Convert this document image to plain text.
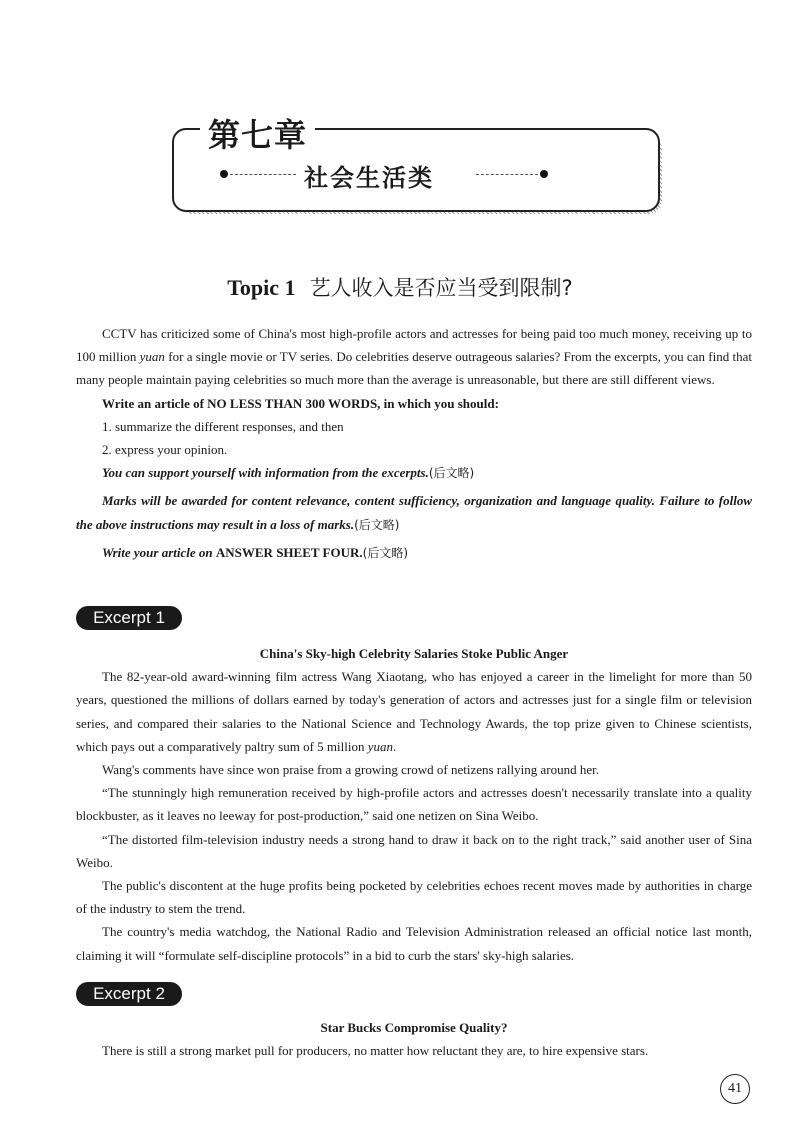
第七章
社会生活类
Topic 1 艺人收入是否应当受到限制?

CCTV has criticized some of China's most high-profile actors and actresses for being paid too much money, receiving up to 100 million yuan for a single movie or TV series. Do celebrities deserve outrageous salaries? From the excerpts, you can find that many people maintain paying celebrities so much more than the average is unreasonable, but there are still different views.

Write an article of NO LESS THAN 300 WORDS, in which you should:

1. summarize the different responses, and then

2. express your opinion.

You can support yourself with information from the excerpts.(后文略)

Marks will be awarded for content relevance, content sufficiency, organization and language quality. Failure to follow the above instructions may result in a loss of marks.(后文略)

Write your article on ANSWER SHEET FOUR.(后文略)

Excerpt 1

China's Sky-high Celebrity Salaries Stoke Public Anger

The 82-year-old award-winning film actress Wang Xiaotang, who has enjoyed a career in the limelight for more than 50 years, questioned the millions of dollars earned by today's generation of actors and actresses just for a single film or television series, and compared their salaries to the National Science and Technology Awards, the top prize given to Chinese scientists, which pays out a comparatively paltry sum of 5 million yuan.

Wang's comments have since won praise from a growing crowd of netizens rallying around her.

“The stunningly high remuneration received by high-profile actors and actresses doesn't necessarily translate into a quality blockbuster, as it leaves no leeway for post-production,” said one netizen on Sina Weibo.

“The distorted film-television industry needs a strong hand to draw it back on to the right track,” said another user of Sina Weibo.

The public's discontent at the huge profits being pocketed by celebrities echoes recent moves made by authorities in charge of the industry to stem the trend.

The country's media watchdog, the National Radio and Television Administration released an official notice last month, claiming it will “formulate self-discipline protocols” in a bid to curb the stars' sky-high salaries.

Excerpt 2

Star Bucks Compromise Quality?

There is still a strong market pull for producers, no matter how reluctant they are, to hire expensive stars.

41
